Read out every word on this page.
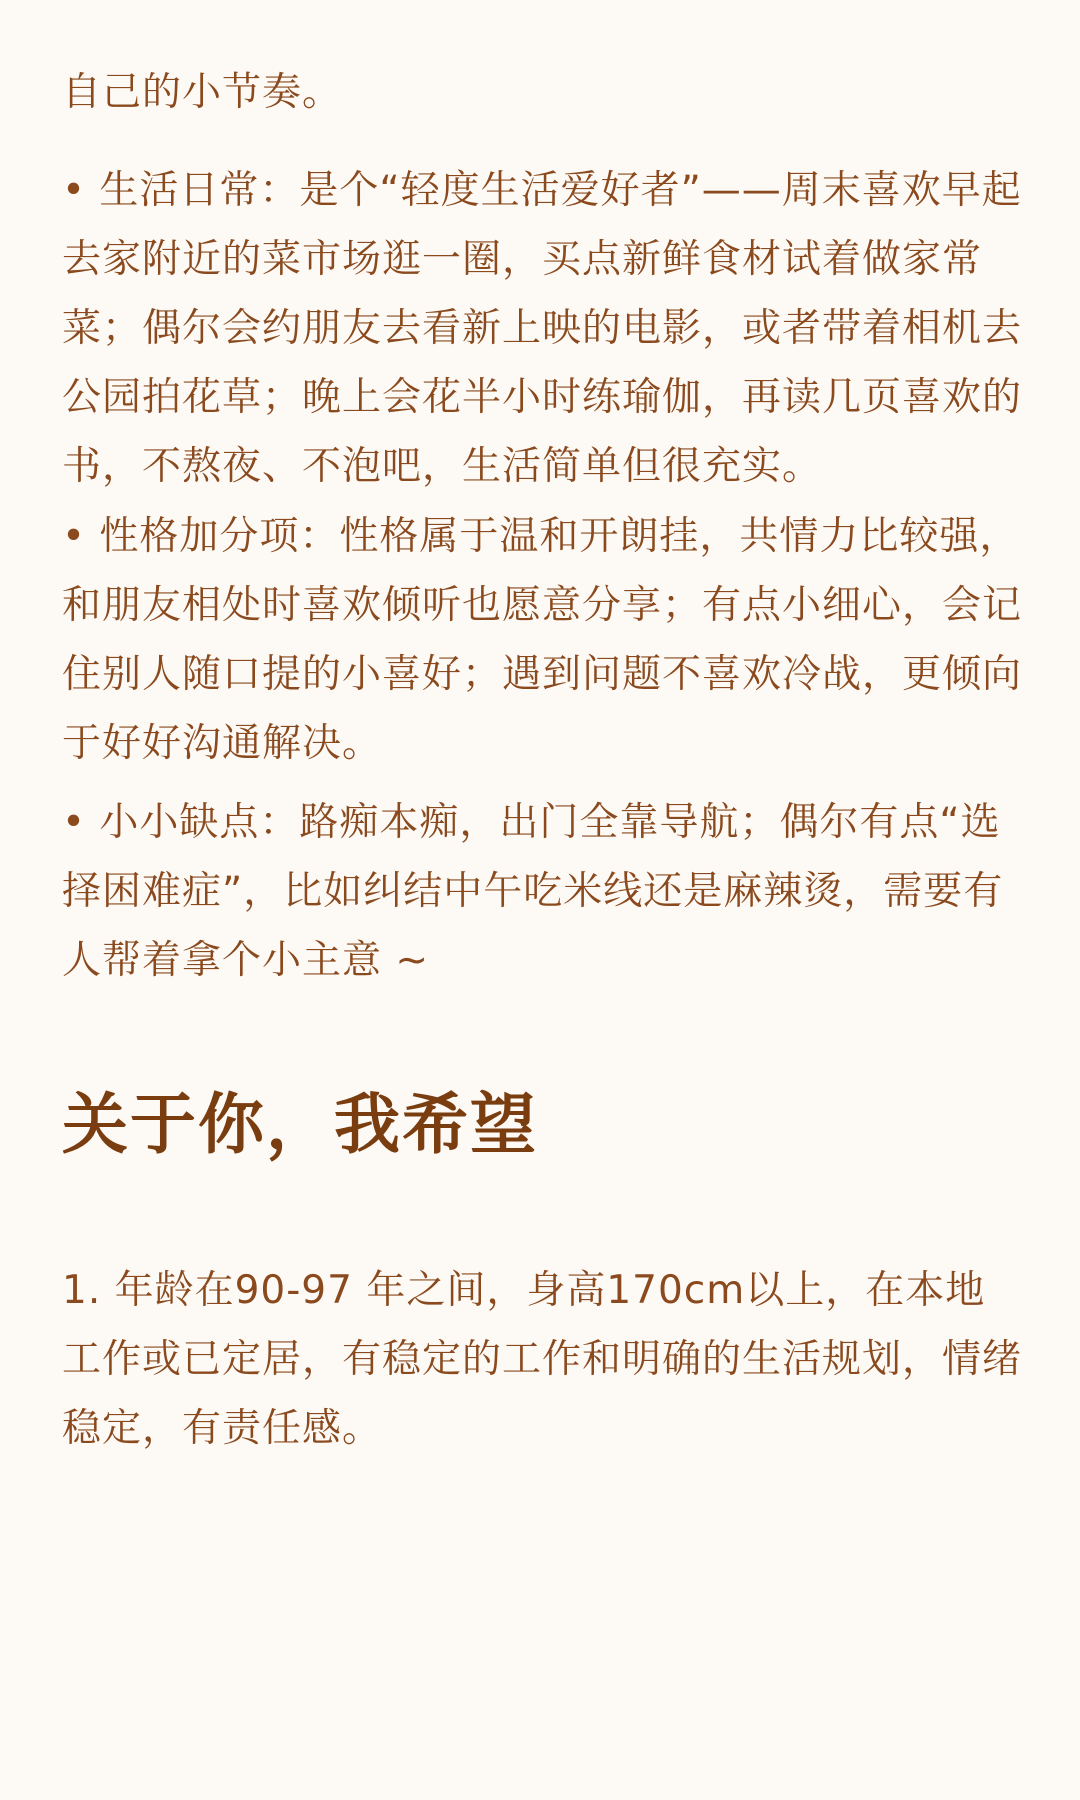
自己的小节奏。

• 生活日常：是个“轻度生活爱好者”——周末喜欢早起去家附近的菜市场逛一圈，买点新鲜食材试着做家常菜；偶尔会约朋友去看新上映的电影，或者带着相机去公园拍花草；晚上会花半小时练瑜伽，再读几页喜欢的书，不熬夜、不泡吧，生活简单但很充实。

• 性格加分项：性格属于温和开朗挂，共情力比较强，和朋友相处时喜欢倾听也愿意分享；有点小细心，会记住别人随口提的小喜好；遇到问题不喜欢冷战，更倾向于好好沟通解决。

• 小小缺点：路痴本痴，出门全靠导航；偶尔有点“选择困难症”，比如纠结中午吃米线还是麻辣烫，需要有人帮着拿个小主意 ~

关于你，我希望

1. 年龄在90-97 年之间，身高170cm以上，在本地工作或已定居，有稳定的工作和明确的生活规划，情绪稳定，有责任感。
